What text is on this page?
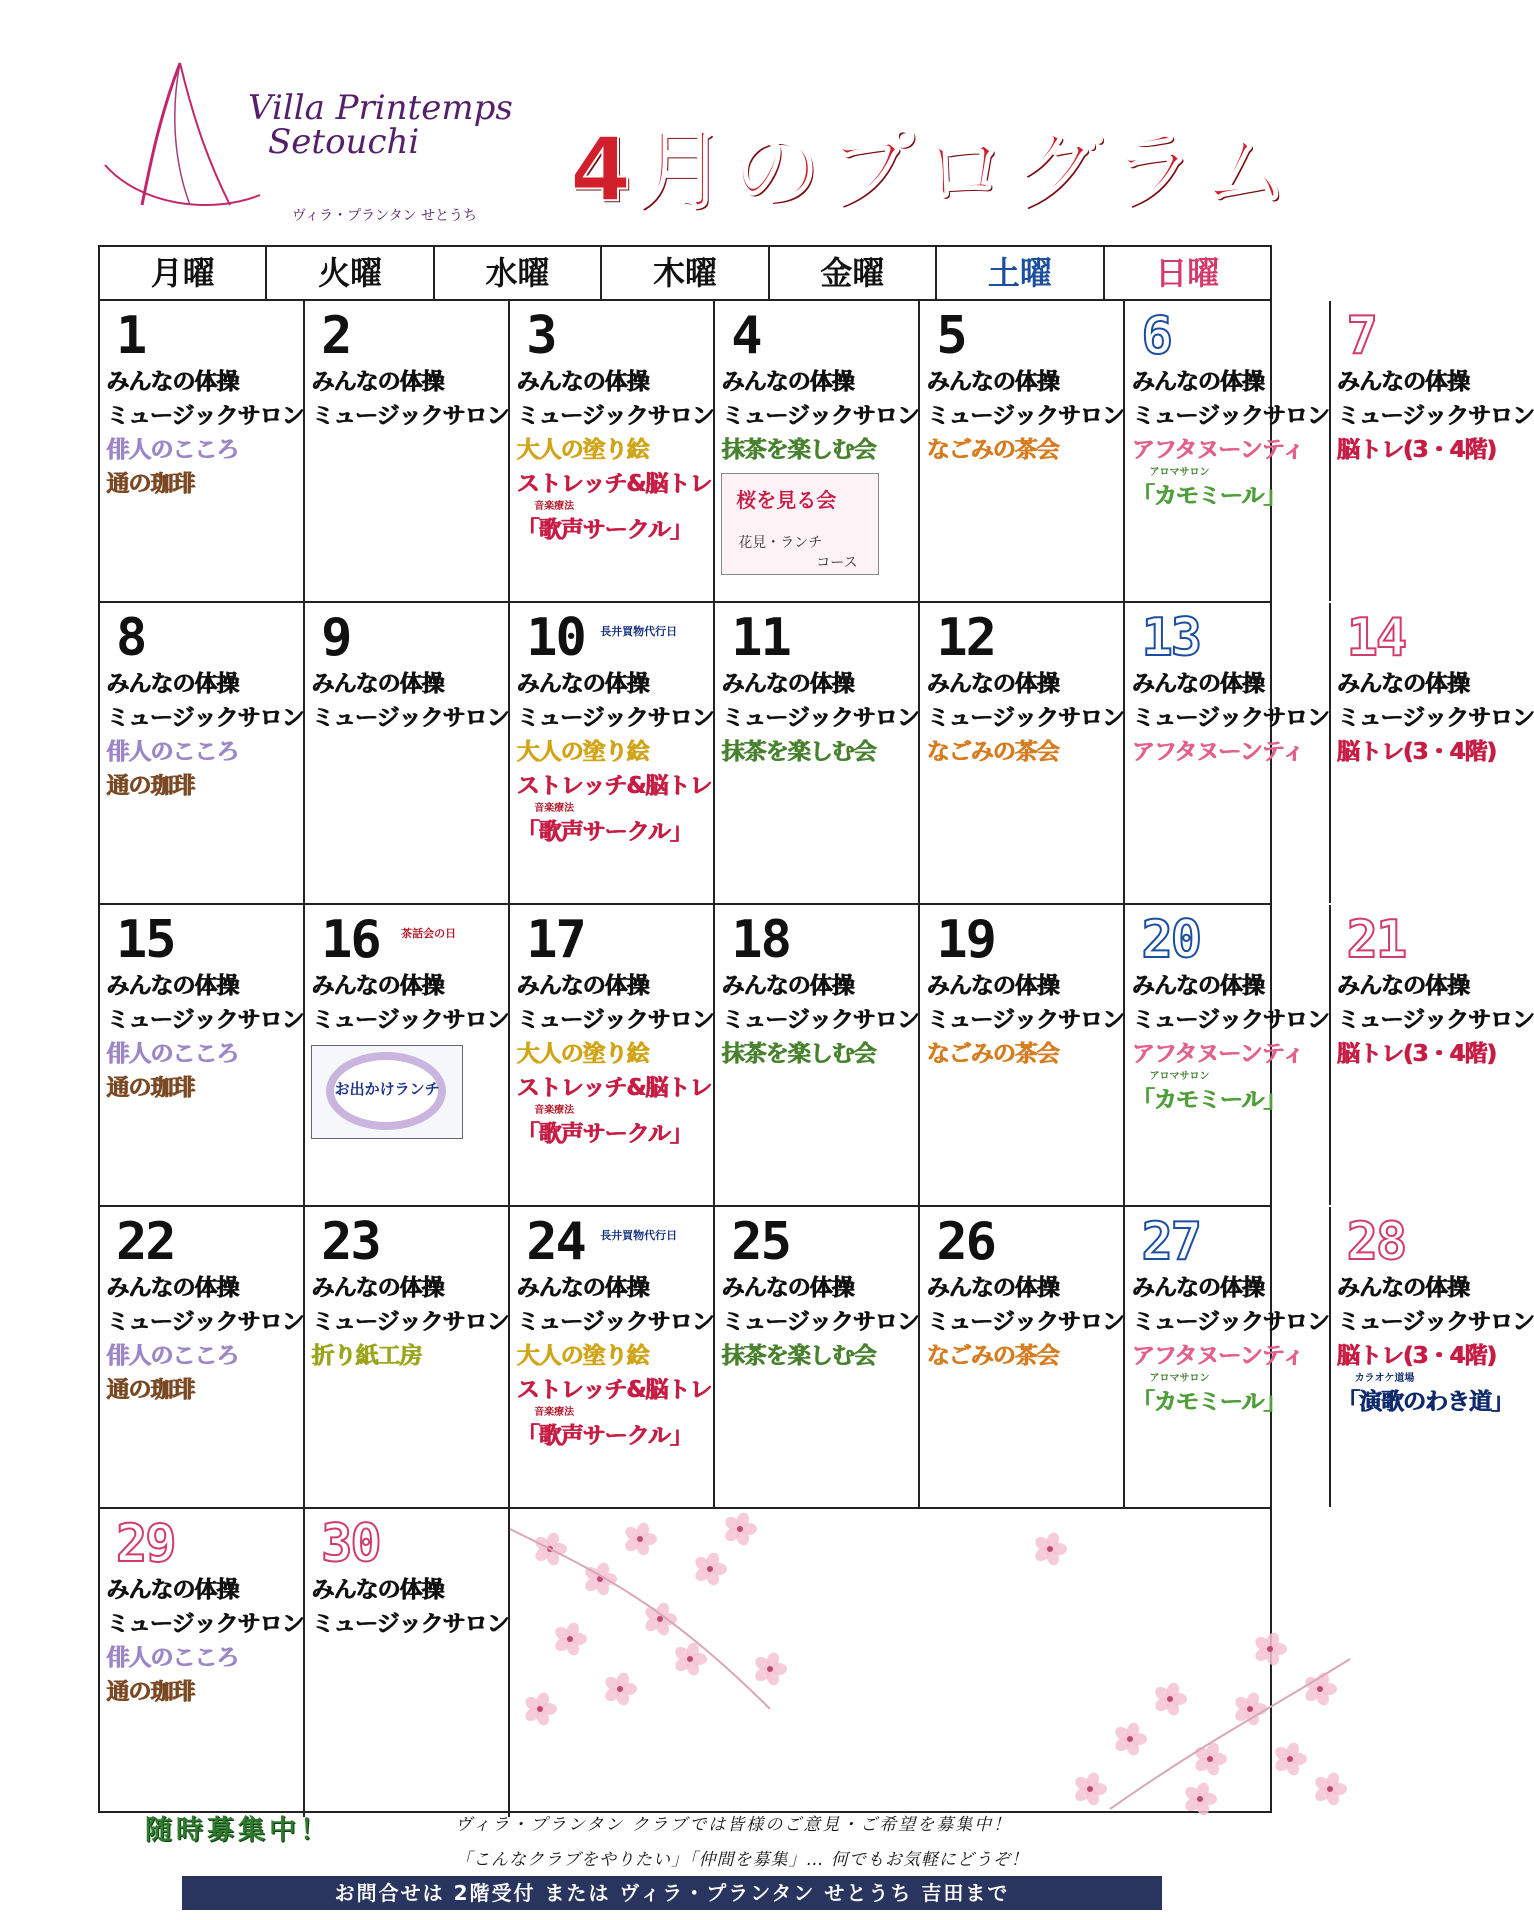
Villa Printemps
Setouchi
ヴィラ・プランタン せとうち 4月のプログラム
月曜	火曜	水曜	木曜	金曜	土曜	日曜
1
みんなの体操
ミュージックサロン
俳人のこころ
通の珈琲
2
みんなの体操
ミュージックサロン
3
みんなの体操
ミュージックサロン
大人の塗り絵
ストレッチ&脳トレ
音楽療法
「歌声サークル」
4
みんなの体操
ミュージックサロン
抹茶を楽しむ会
桜を見る会
花見・ランチ
コース
5
みんなの体操
ミュージックサロン
なごみの茶会
6
みんなの体操
ミュージックサロン
アフタヌーンティ
アロマサロン
「カモミール」
7
みんなの体操
ミュージックサロン
脳トレ(3・4階)
8
みんなの体操
ミュージックサロン
俳人のこころ
通の珈琲
9
みんなの体操
ミュージックサロン
10	長井買物代行日
みんなの体操
ミュージックサロン
大人の塗り絵
ストレッチ&脳トレ
音楽療法
「歌声サークル」
11
みんなの体操
ミュージックサロン
抹茶を楽しむ会
12
みんなの体操
ミュージックサロン
なごみの茶会
13
みんなの体操
ミュージックサロン
アフタヌーンティ
14
みんなの体操
ミュージックサロン
脳トレ(3・4階)
15
みんなの体操
ミュージックサロン
俳人のこころ
通の珈琲
16	茶話会の日
みんなの体操
ミュージックサロン
お出かけランチ
17
みんなの体操
ミュージックサロン
大人の塗り絵
ストレッチ&脳トレ
音楽療法
「歌声サークル」
18
みんなの体操
ミュージックサロン
抹茶を楽しむ会
19
みんなの体操
ミュージックサロン
なごみの茶会
20
みんなの体操
ミュージックサロン
アフタヌーンティ
アロマサロン
「カモミール」
21
みんなの体操
ミュージックサロン
脳トレ(3・4階)
22
みんなの体操
ミュージックサロン
俳人のこころ
通の珈琲
23
みんなの体操
ミュージックサロン
折り紙工房
24	長井買物代行日
みんなの体操
ミュージックサロン
大人の塗り絵
ストレッチ&脳トレ
音楽療法
「歌声サークル」
25
みんなの体操
ミュージックサロン
抹茶を楽しむ会
26
みんなの体操
ミュージックサロン
なごみの茶会
27
みんなの体操
ミュージックサロン
アフタヌーンティ
アロマサロン
「カモミール」
28
みんなの体操
ミュージックサロン
脳トレ(3・4階)
カラオケ道場
「演歌のわき道」
29
みんなの体操
ミュージックサロン
俳人のこころ
通の珈琲
30
みんなの体操
ミュージックサロン
随時募集中！	ヴィラ・プランタン クラブでは皆様のご意見・ご希望を募集中！
「こんなクラブをやりたい」「仲間を募集」… 何でもお気軽にどうぞ！
お問合せは 2階受付 または ヴィラ・プランタン せとうち 吉田まで
